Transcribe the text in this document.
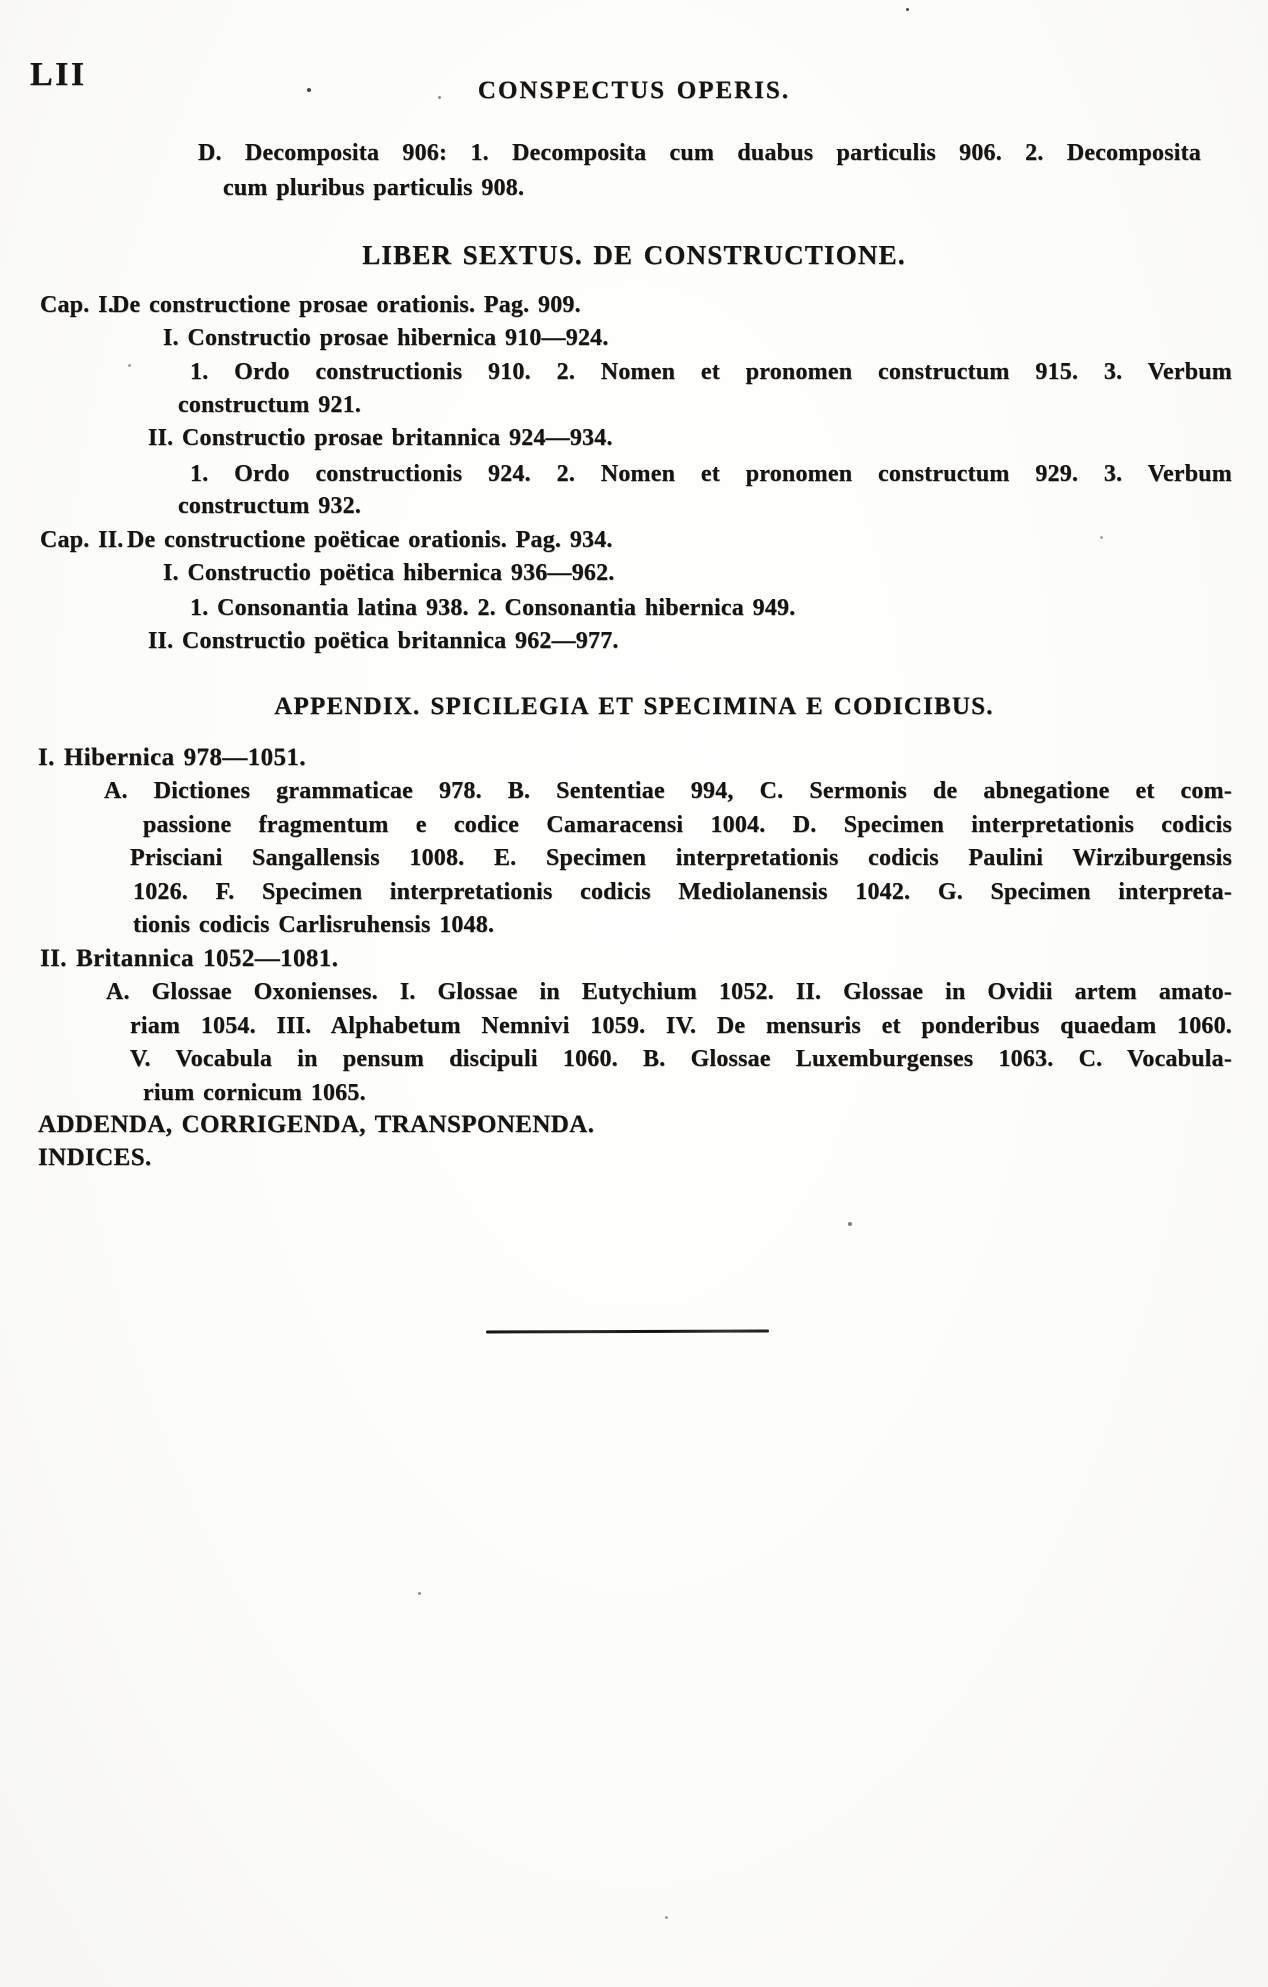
LII	CONSPECTUS OPERIS.
D. Decomposita 906: 1. Decomposita cum duabus particulis 906. 2. Decomposita
cum pluribus particulis 908.
LIBER SEXTUS. DE CONSTRUCTIONE.
Cap. I.De constructione prosae orationis. Pag. 909.
I. Constructio prosae hibernica 910—924.
1. Ordo constructionis 910. 2. Nomen et pronomen constructum 915. 3. Verbum
constructum 921.
II. Constructio prosae britannica 924—934.
1. Ordo constructionis 924. 2. Nomen et pronomen constructum 929. 3. Verbum
constructum 932.
Cap. II. De constructione poëticae orationis. Pag. 934.
I. Constructio poëtica hibernica 936—962.
1. Consonantia latina 938. 2. Consonantia hibernica 949.
II. Constructio poëtica britannica 962—977.
APPENDIX. SPICILEGIA ET SPECIMINA E CODICIBUS.
I. Hibernica 978—1051.
A. Dictiones grammaticae 978. B. Sententiae 994, C. Sermonis de abnegatione et com-
passione fragmentum e codice Camaracensi 1004. D. Specimen interpretationis codicis
Prisciani Sangallensis 1008. E. Specimen interpretationis codicis Paulini Wirziburgensis
1026. F. Specimen interpretationis codicis Mediolanensis 1042. G. Specimen interpreta-
tionis codicis Carlisruhensis 1048.
II. Britannica 1052—1081.
A. Glossae Oxonienses. I. Glossae in Eutychium 1052. II. Glossae in Ovidii artem amato-
riam 1054. III. Alphabetum Nemnivi 1059. IV. De mensuris et ponderibus quaedam 1060.
V. Vocabula in pensum discipuli 1060. B. Glossae Luxemburgenses 1063. C. Vocabula-
rium cornicum 1065.
ADDENDA, CORRIGENDA, TRANSPONENDA.
INDICES.
